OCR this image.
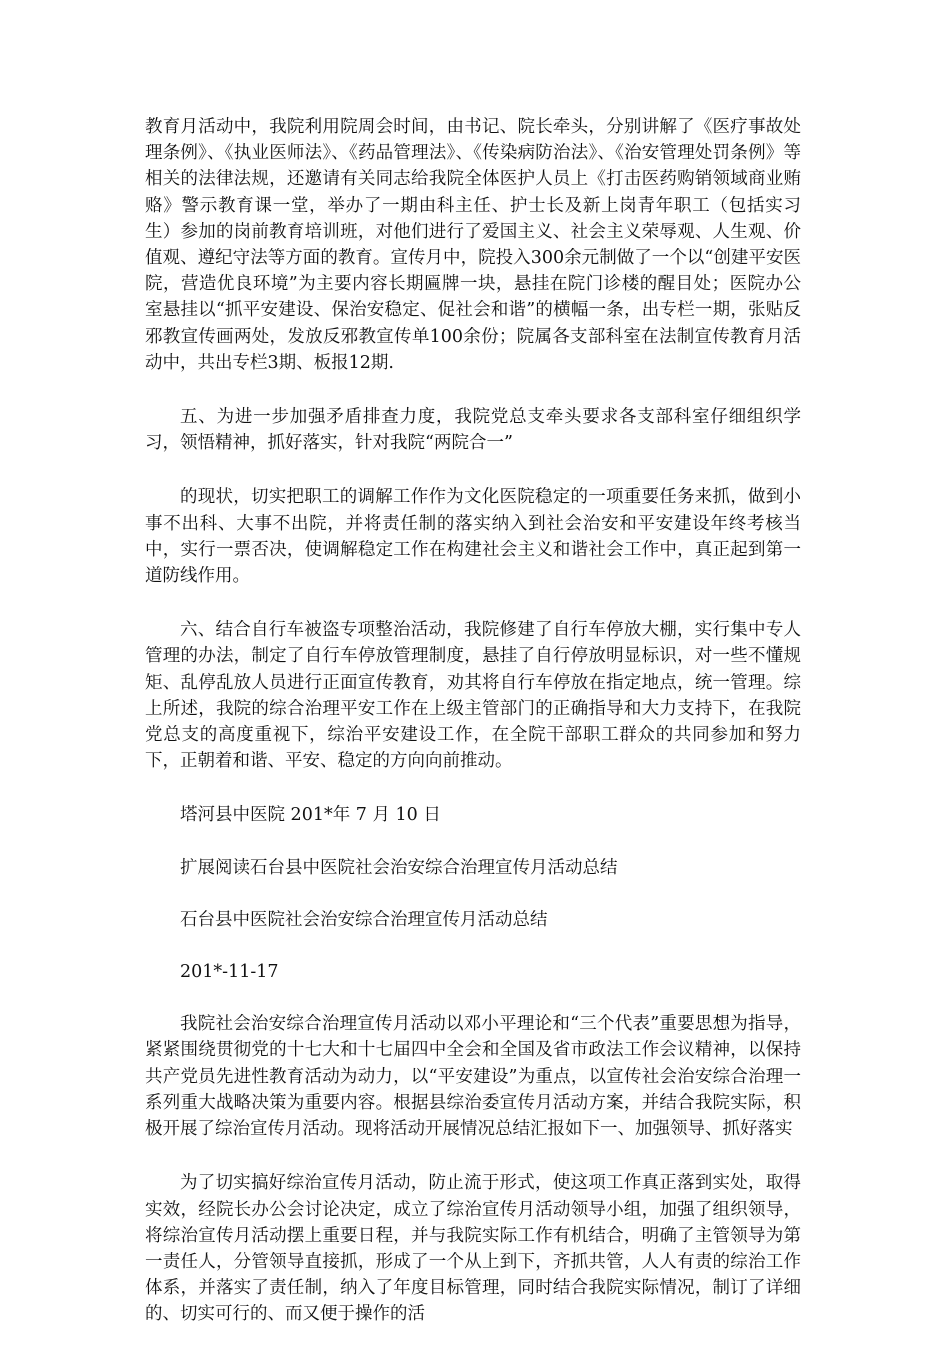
教育月活动中，我院利用院周会时间，由书记、院长牵头，分别讲解了《医疗事故处理条例》、《执业医师法》、《药品管理法》、《传染病防治法》、《治安管理处罚条例》等相关的法律法规，还邀请有关同志给我院全体医护人员上《打击医药购销领域商业贿赂》警示教育课一堂，举办了一期由科主任、护士长及新上岗青年职工（包括实习生）参加的岗前教育培训班，对他们进行了爱国主义、社会主义荣辱观、人生观、价值观、遵纪守法等方面的教育。宣传月中，院投入300余元制做了一个以“创建平安医院，营造优良环境”为主要内容长期匾牌一块，悬挂在院门诊楼的醒目处；医院办公室悬挂以“抓平安建设、保治安稳定、促社会和谐”的横幅一条，出专栏一期，张贴反邪教宣传画两处，发放反邪教宣传单100余份；院属各支部科室在法制宣传教育月活动中，共出专栏3期、板报12期.

五、为进一步加强矛盾排查力度，我院党总支牵头要求各支部科室仔细组织学习，领悟精神，抓好落实，针对我院“两院合一”

的现状，切实把职工的调解工作作为文化医院稳定的一项重要任务来抓，做到小事不出科、大事不出院，并将责任制的落实纳入到社会治安和平安建设年终考核当中，实行一票否决，使调解稳定工作在构建社会主义和谐社会工作中，真正起到第一道防线作用。

六、结合自行车被盗专项整治活动，我院修建了自行车停放大棚，实行集中专人管理的办法，制定了自行车停放管理制度，悬挂了自行停放明显标识，对一些不懂规矩、乱停乱放人员进行正面宣传教育，劝其将自行车停放在指定地点，统一管理。综上所述，我院的综合治理平安工作在上级主管部门的正确指导和大力支持下，在我院党总支的高度重视下，综治平安建设工作，在全院干部职工群众的共同参加和努力下，正朝着和谐、平安、稳定的方向向前推动。

塔河县中医院 201*年 7 月 10 日

扩展阅读石台县中医院社会治安综合治理宣传月活动总结

石台县中医院社会治安综合治理宣传月活动总结

201*-11-17

我院社会治安综合治理宣传月活动以邓小平理论和“三个代表”重要思想为指导，紧紧围绕贯彻党的十七大和十七届四中全会和全国及省市政法工作会议精神，以保持共产党员先进性教育活动为动力，以“平安建设”为重点，以宣传社会治安综合治理一系列重大战略决策为重要内容。根据县综治委宣传月活动方案，并结合我院实际，积极开展了综治宣传月活动。现将活动开展情况总结汇报如下一、加强领导、抓好落实

为了切实搞好综治宣传月活动，防止流于形式，使这项工作真正落到实处，取得实效，经院长办公会讨论决定，成立了综治宣传月活动领导小组，加强了组织领导，将综治宣传月活动摆上重要日程，并与我院实际工作有机结合，明确了主管领导为第一责任人，分管领导直接抓，形成了一个从上到下，齐抓共管，人人有责的综治工作体系，并落实了责任制，纳入了年度目标管理，同时结合我院实际情况，制订了详细的、切实可行的、而又便于操作的活
